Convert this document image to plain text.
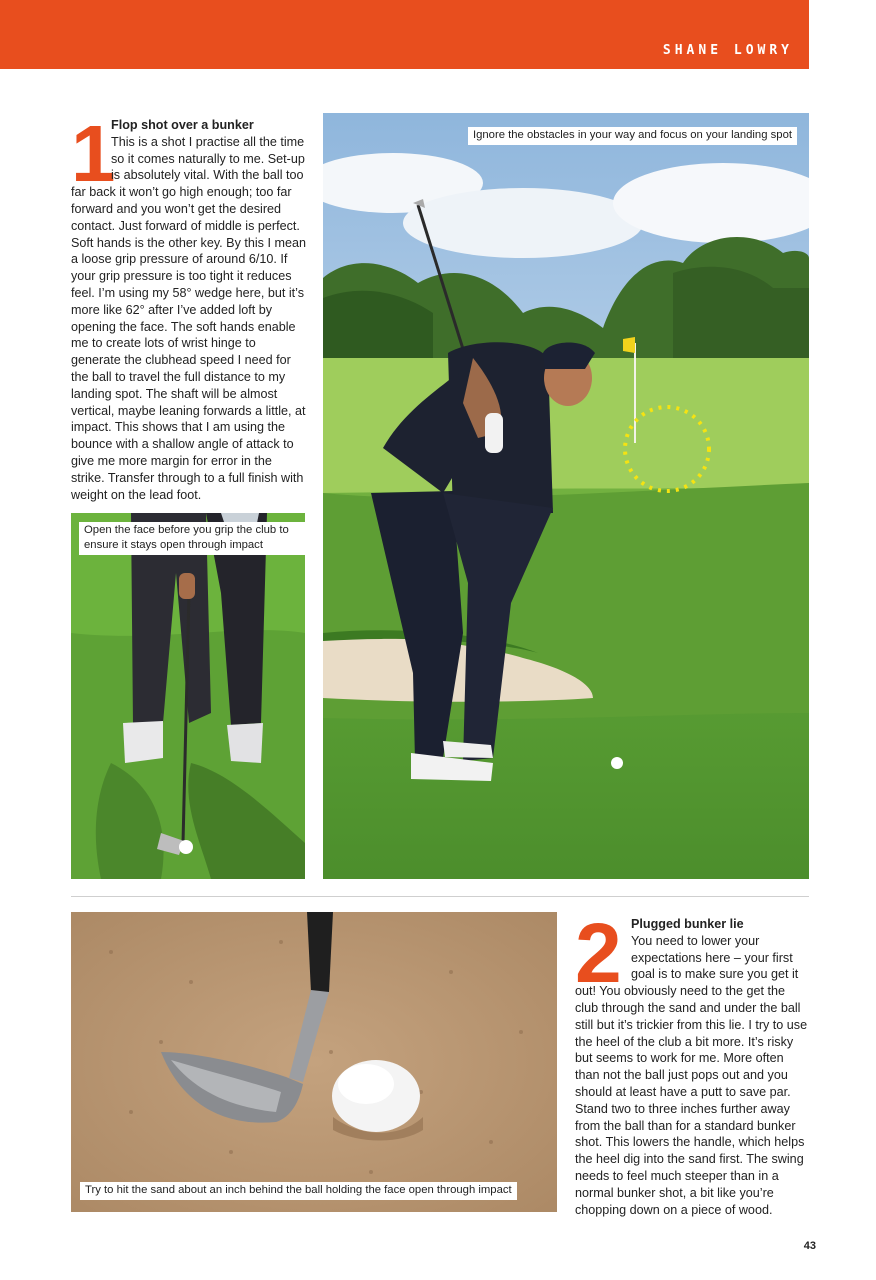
SHANE LOWRY
1
Flop shot over a bunker
This is a shot I practise all the time so it comes naturally to me. Set-up is absolutely vital. With the ball too far back it won’t go high enough; too far forward and you won’t get the desired contact. Just forward of middle is perfect. Soft hands is the other key. By this I mean a loose grip pressure of around 6/10. If your grip pressure is too tight it reduces feel. I’m using my 58° wedge here, but it’s more like 62° after I’ve added loft by opening the face. The soft hands enable me to create lots of wrist hinge to generate the clubhead speed I need for the ball to travel the full distance to my landing spot. The shaft will be almost vertical, maybe leaning forwards a little, at impact. This shows that I am using the bounce with a shallow angle of attack to give me more margin for error in the strike. Transfer through to a full finish with weight on the lead foot.
Ignore the obstacles in your way and focus on your landing spot
Open the face before you grip the club to ensure it stays open through impact
Try to hit the sand about an inch behind the ball holding the face open through impact
2 Plugged bunker lie
You need to lower your expectations here – your first goal is to make sure you get it out! You obviously need to the get the club through the sand and under the ball still but it’s trickier from this lie. I try to use the heel of the club a bit more. It’s risky but seems to work for me. More often than not the ball just pops out and you should at least have a putt to save par. Stand two to three inches further away from the ball than for a standard bunker shot. This lowers the handle, which helps the heel dig into the sand first. The swing needs to feel much steeper than in a normal bunker shot, a bit like you’re chopping down on a piece of wood.
43
